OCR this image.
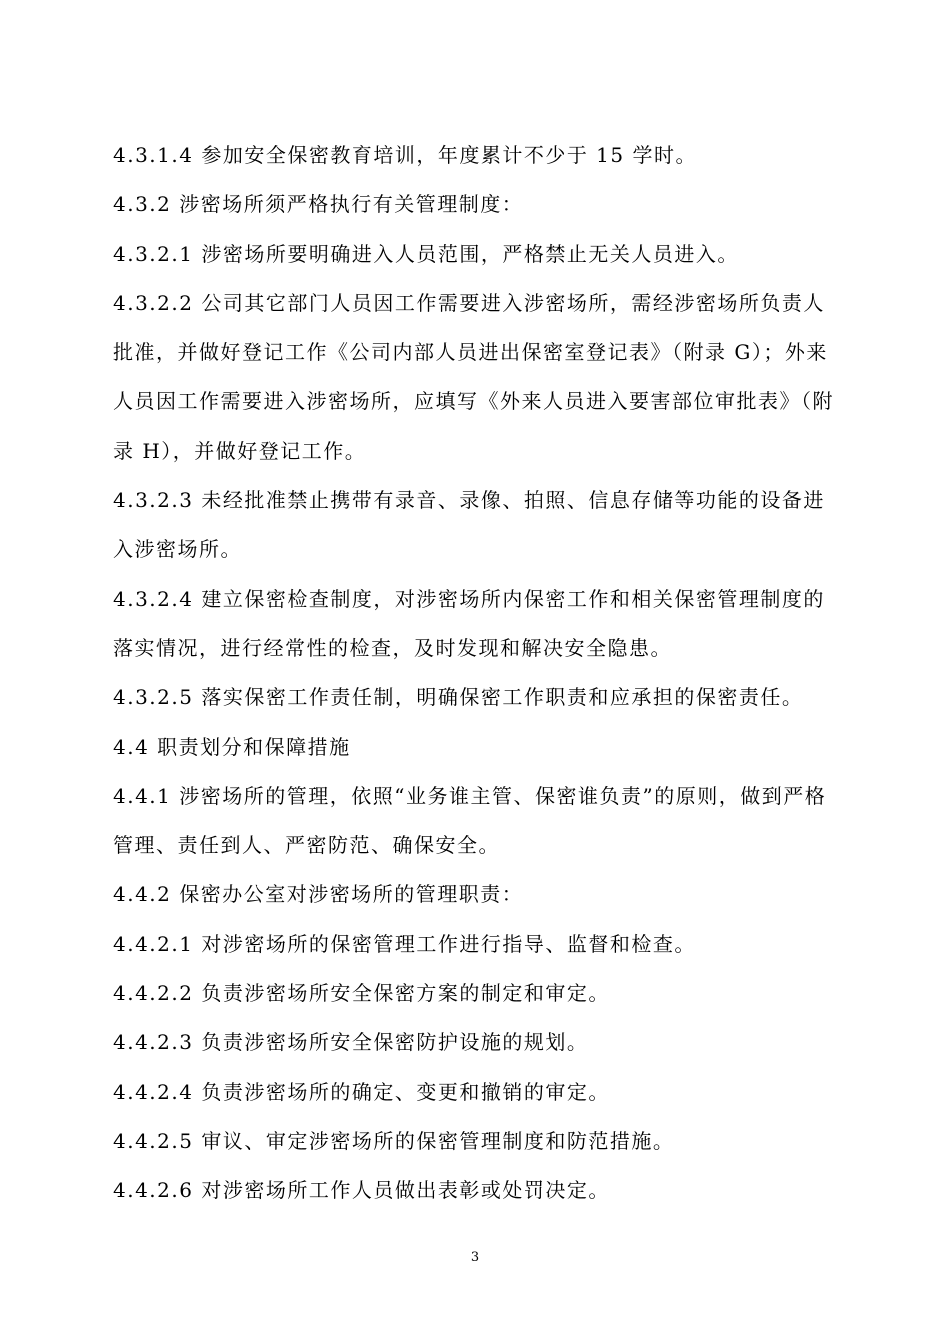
4.3.1.4 参加安全保密教育培训，年度累计不少于 15 学时。

4.3.2 涉密场所须严格执行有关管理制度：

4.3.2.1 涉密场所要明确进入人员范围，严格禁止无关人员进入。

4.3.2.2 公司其它部门人员因工作需要进入涉密场所，需经涉密场所负责人批准，并做好登记工作《公司内部人员进出保密室登记表》（附录 G）；外来人员因工作需要进入涉密场所，应填写《外来人员进入要害部位审批表》（附录 H），并做好登记工作。

4.3.2.3 未经批准禁止携带有录音、录像、拍照、信息存储等功能的设备进入涉密场所。

4.3.2.4 建立保密检查制度，对涉密场所内保密工作和相关保密管理制度的落实情况，进行经常性的检查，及时发现和解决安全隐患。

4.3.2.5 落实保密工作责任制，明确保密工作职责和应承担的保密责任。

4.4 职责划分和保障措施

4.4.1 涉密场所的管理，依照“业务谁主管、保密谁负责”的原则，做到严格管理、责任到人、严密防范、确保安全。

4.4.2 保密办公室对涉密场所的管理职责：

4.4.2.1 对涉密场所的保密管理工作进行指导、监督和检查。

4.4.2.2 负责涉密场所安全保密方案的制定和审定。

4.4.2.3 负责涉密场所安全保密防护设施的规划。

4.4.2.4 负责涉密场所的确定、变更和撤销的审定。

4.4.2.5 审议、审定涉密场所的保密管理制度和防范措施。

4.4.2.6 对涉密场所工作人员做出表彰或处罚决定。

3
